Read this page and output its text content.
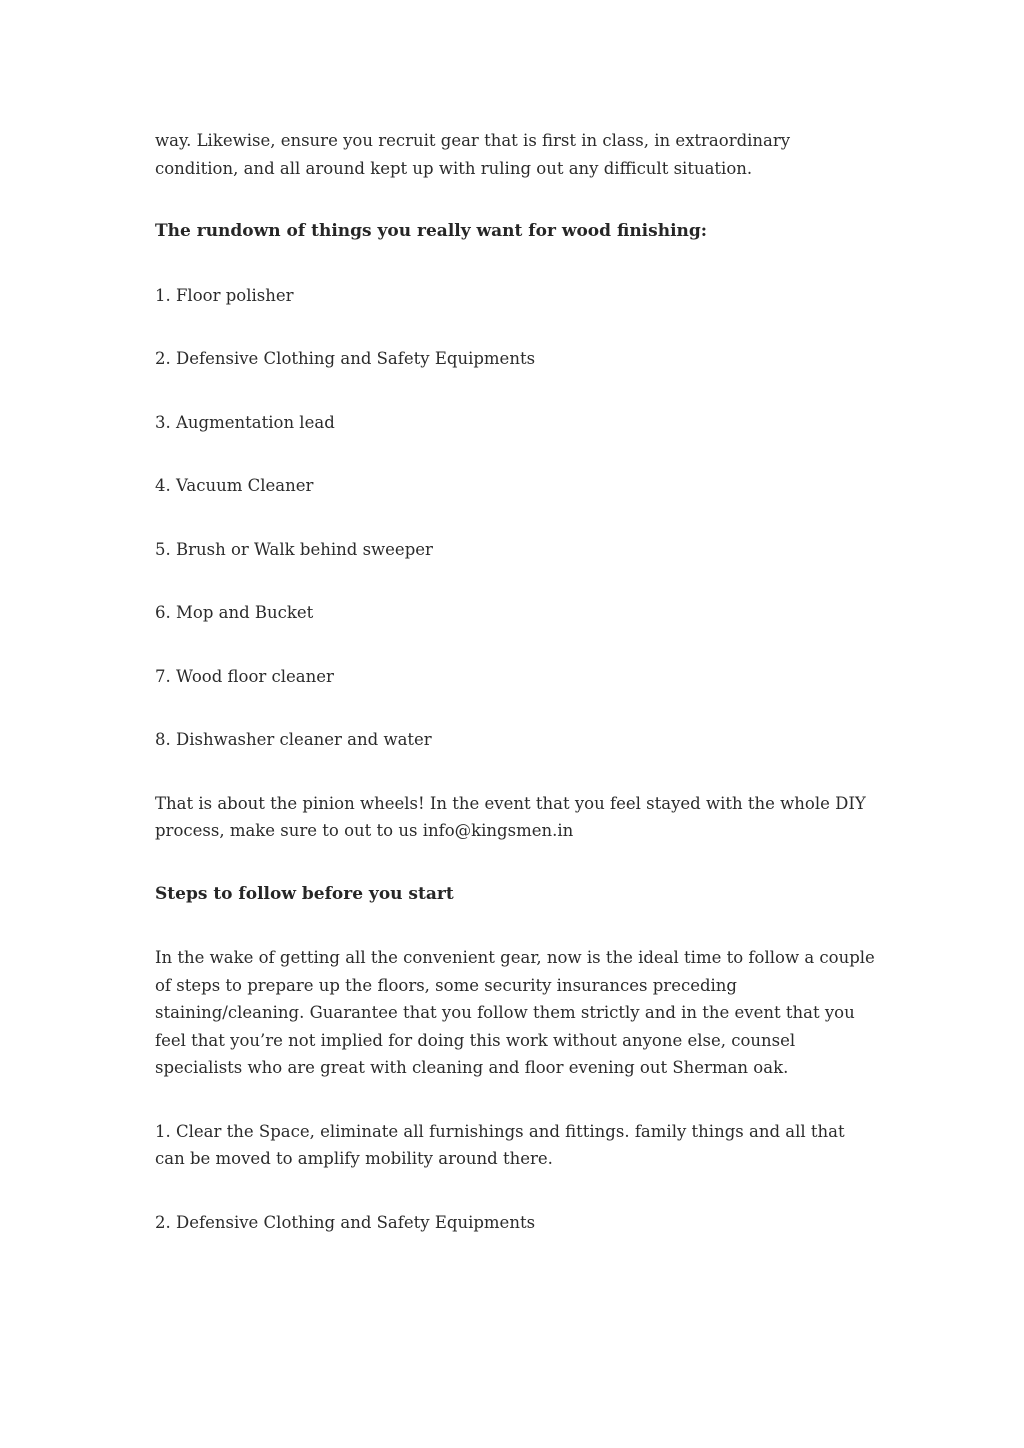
way. Likewise, ensure you recruit gear that is first in class, in extraordinary condition, and all around kept up with ruling out any difficult situation.

The rundown of things you really want for wood finishing:

1. Floor polisher

2. Defensive Clothing and Safety Equipments

3. Augmentation lead

4. Vacuum Cleaner

5. Brush or Walk behind sweeper

6. Mop and Bucket

7. Wood floor cleaner

8. Dishwasher cleaner and water

That is about the pinion wheels! In the event that you feel stayed with the whole DIY process, make sure to out to us info@kingsmen.in

Steps to follow before you start

In the wake of getting all the convenient gear, now is the ideal time to follow a couple of steps to prepare up the floors, some security insurances preceding staining/cleaning. Guarantee that you follow them strictly and in the event that you feel that you’re not implied for doing this work without anyone else, counsel specialists who are great with cleaning and floor evening out Sherman oak.

1. Clear the Space, eliminate all furnishings and fittings. family things and all that can be moved to amplify mobility around there.

2. Defensive Clothing and Safety Equipments
